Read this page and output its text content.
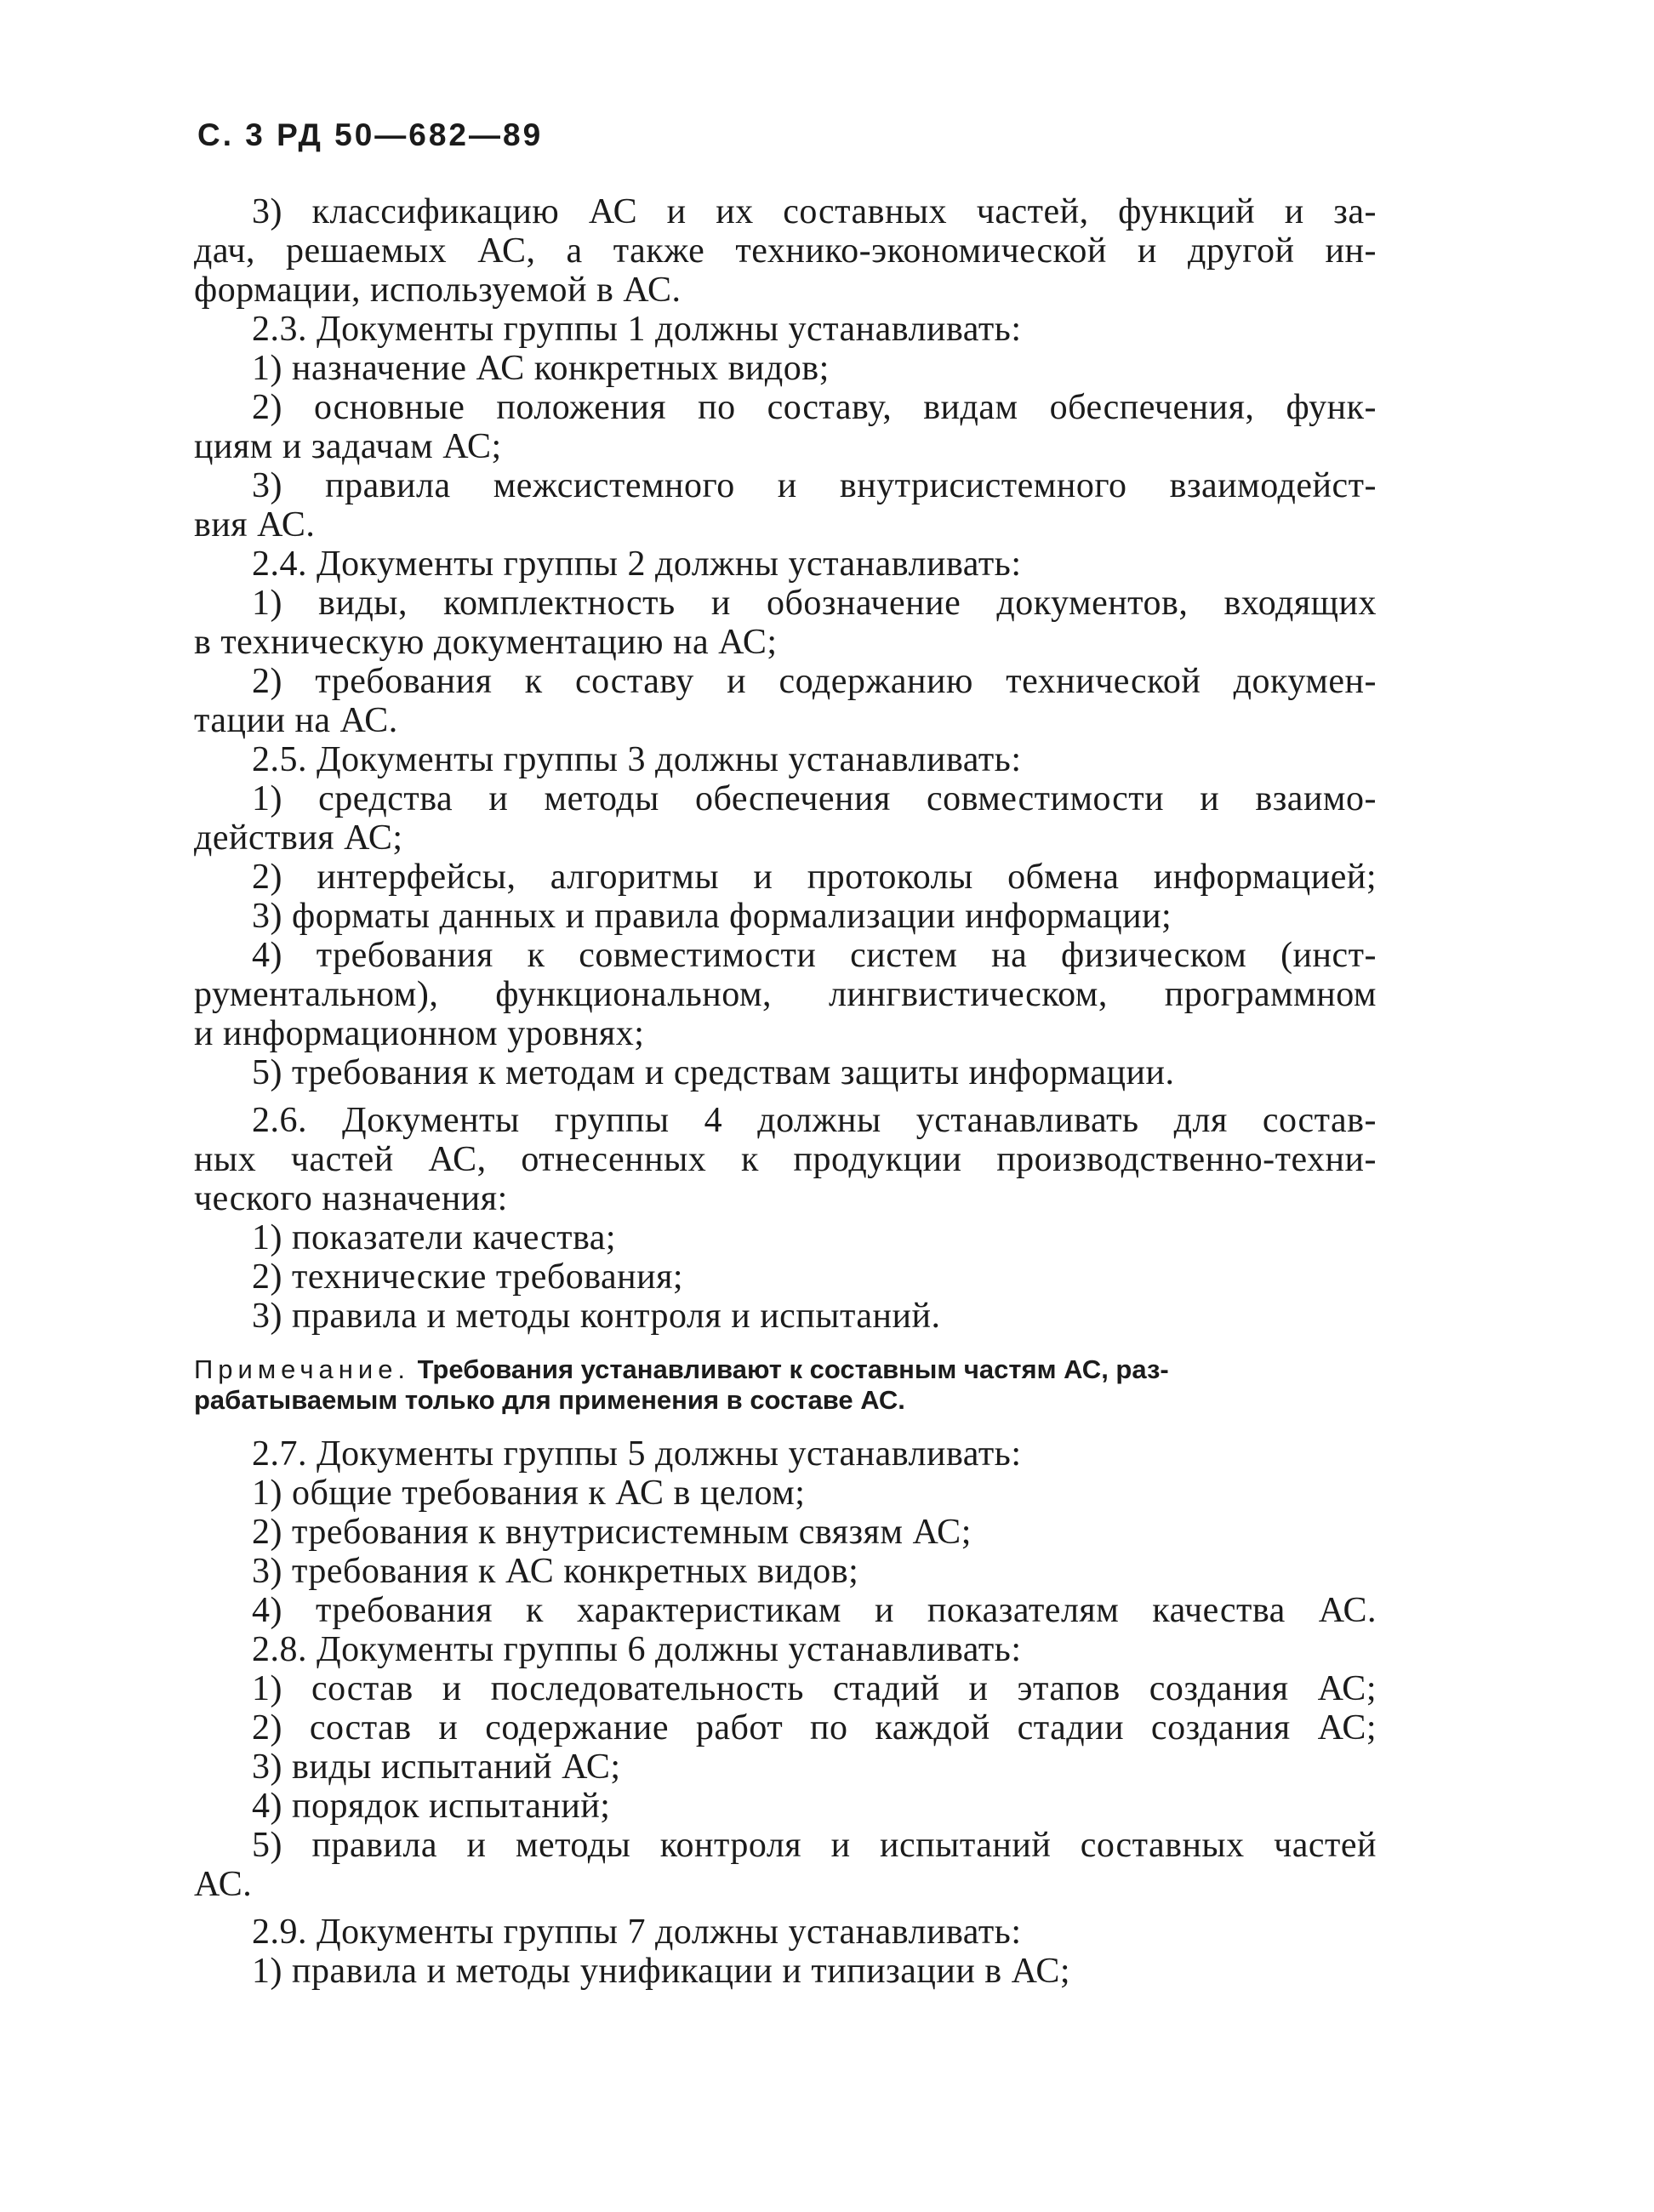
С. 3 РД 50—682—89

3) классификацию АС и их составных частей, функций и за-
дач, решаемых АС, а также технико-экономической и другой ин-
формации, используемой в АС.

2.3. Документы группы 1 должны устанавливать:

1) назначение АС конкретных видов;

2) основные положения по составу, видам обеспечения, функ-
циям и задачам АС;

3) правила межсистемного и внутрисистемного взаимодейст-
вия АС.

2.4. Документы группы 2 должны устанавливать:

1) виды, комплектность и обозначение документов, входящих
в техническую документацию на АС;

2) требования к составу и содержанию технической докумен-
тации на АС.

2.5. Документы группы 3 должны устанавливать:

1) средства и методы обеспечения совместимости и взаимо-
действия АС;

2) интерфейсы, алгоритмы и протоколы обмена информацией;

3) форматы данных и правила формализации информации;

4) требования к совместимости систем на физическом (инст-
рументальном), функциональном, лингвистическом, программном
и информационном уровнях;

5) требования к методам и средствам защиты информации.

2.6. Документы группы 4 должны устанавливать для состав-
ных частей АС, отнесенных к продукции производственно-техни-
ческого назначения:

1) показатели качества;

2) технические требования;

3) правила и методы контроля и испытаний.

Примечание. Требования устанавливают к составным частям АС, раз-
рабатываемым только для применения в составе АС.

2.7. Документы группы 5 должны устанавливать:

1) общие требования к АС в целом;

2) требования к внутрисистемным связям АС;

3) требования к АС конкретных видов;

4) требования к характеристикам и показателям качества АС.

2.8. Документы группы 6 должны устанавливать:

1) состав и последовательность стадий и этапов создания АС;

2) состав и содержание работ по каждой стадии создания АС;

3) виды испытаний АС;

4) порядок испытаний;

5) правила и методы контроля и испытаний составных частей
АС.

2.9. Документы группы 7 должны устанавливать:

1) правила и методы унификации и типизации в АС;
